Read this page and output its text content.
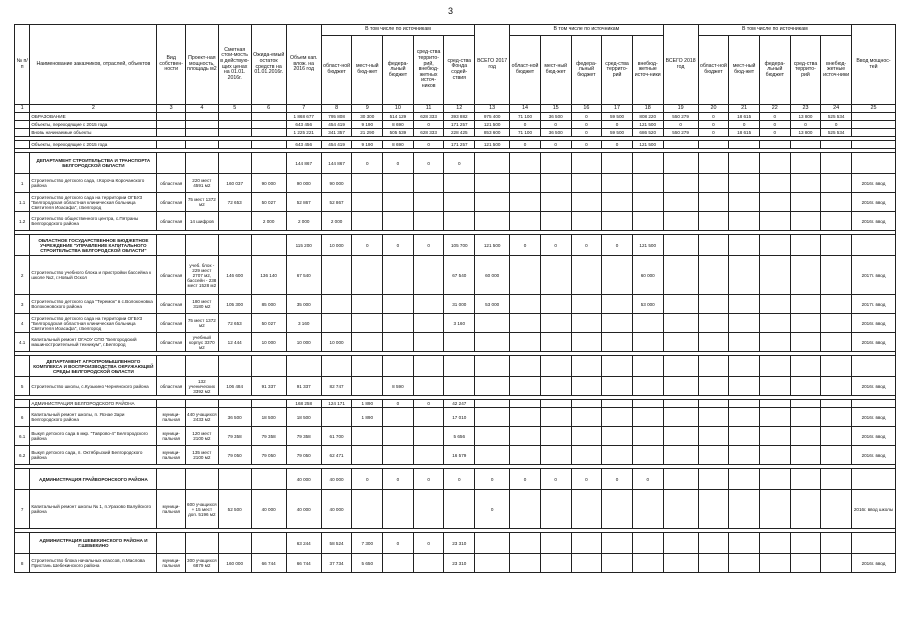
3
№ п/п	Наименование заказчиков, отраслей, объектов	Вид собствен-ности	Проект-ная мощность, площадь м2	Сметная стои-мость в действую-щих ценах на 01.01. 2016г.	Ожида-емый остаток средств на 01.01.2016г.	Объем кап. влож. на 2016 год	В том числе по источникам					ВСЕГО 2017 год	В том числе по источникам					ВСЕГО 2018 год	В том числе по источникам					Ввод мощнос-тей
							област-ной бюджет	мест-ный бюд-жет	федера-льный бюджет	сред-ства террито-рий, внебюд-жетных источ-ников	сред-ства Фонда содей-ствия		област-ной бюджет	мест-ный бюд-жет	федера-льный бюджет	сред-ства террито-рий	внебюд-жетные источ-ники		област-ной бюджет	мест-ный бюд-жет	федера-льный бюджет	сред-ства террито-рий	внебюд-жетные источ-ники	
1	2	3	4	5	6	7	8	9	10	11	12	13	14	15	16	17	18	19	20	21	22	23	24	25
	ОБРАЗОВАНИЕ					1 868 677	795 808	30 300	514 129	628 333	393 882	975 400	71 100	36 500	0	59 500	808 220	550 279	0	18 615	0	13 800	525 534	
	Объекты, переходящие с 2015 года					643 456	454 419	9 190	8 690	0	171 257	121 500	0	0	0	0	121 500	0	0	0	0	0	0	
	Вновь начинаемые объекты					1 225 221	341 357	21 290	505 539	628 333	228 425	853 600	71 100	36 500	0	59 500	686 520	550 279	0	18 615	0	13 800	525 534	

	Объекты, переходящие с 2015 года					643 456	454 419	9 190	8 690	0	171 257	121 500	0	0	0	0	121 500							

	ДЕПАРТАМЕНТ СТРОИТЕЛЬСТВА И ТРАНСПОРТА БЕЛГОРОДСКОЙ ОБЛАСТИ					144 867	144 867	0	0	0	0													
1	Строительство детского сада, г.Короча Корочанского района	областная	220 мест 4591 м2	160 037	90 000	90 000	90 000																	2016г. ввод
1.1	Строительство детского сада на территории ОГБУЗ "Белгородская областная клиническая больница Святителя Иоасафа", г.Белгород	областная	75 мест 1372 м2	72 653	50 027	52 867	52 867																	2016г. ввод
1.2	Строительство общественного центра, с.Пятраны Белгородского района	областная	14 шифров		2 000	2 000	2 000																	2016г. ввод

	ОБЛАСТНОЕ ГОСУДАРСТВЕННОЕ БЮДЖЕТНОЕ УЧРЕЖДЕНИЕ "УПРАВЛЕНИЕ КАПИТАЛЬНОГО СТРОИТЕЛЬСТВА БЕЛГОРОДСКОЙ ОБЛАСТИ"					115 200	10 000	0	0	0	105 700	121 500	0	0	0	0	121 500							
2	Строительство учебного блока и пристройки бассейна к школе №2, г.Новый Оскол	областная	учеб. блок - 229 мест 2707 м2, бассейн - 238 мест 1528 м2	146 600	136 140	67 540					67 540	60 000					60 000							2017г. ввод
3	Строительство детского сада "Теремок" в с.Волоконовка Волоконовского района	областная	180 мест 3180 м2	105 300	85 000	35 000					31 000	53 000					53 000							2017г. ввод
4	Строительство детского сада на территории ОГБУЗ "Белгородская областная клиническая больница Святителя Иоасафа", г.Белгород	областная	75 мест 1372 м2	72 653	50 027	3 160					3 160													2016г. ввод
4.1	Капитальный ремонт ОГАОУ СПО "Белгородский машиностроительный техникум", г.Белгород	областная	учебный корпус 3370 м2	12 444	10 000	10 000	10 000																	2016г. ввод

	ДЕПАРТАМЕНТ АГРОПРОМЫШЛЕННОГО КОМПЛЕКСА И ВОСПРОИЗВОДСТВА ОКРУЖАЮЩЕЙ СРЕДЫ БЕЛГОРОДСКОЙ ОБЛАСТИ																							
5	Строительство школы, с.Кузькино Чернянского района	областная	132 ученических 3392 м2	106 484	91 337	91 337	82 747		8 590															2016г. ввод

	АДМИНИСТРАЦИЯ БЕЛГОРОДСКОГО РАЙОНА					168 258	124 171	1 890	0	0	42 247													
6	Капитальный ремонт школы, п. Яснае Зари Белгородского района	муници-пальная	440 учащихся 2433 м2	36 500	18 500	18 500		1 890			17 010													2016г. ввод
6.1	Выкуп детского сада в мкр. "Таврово-4" Белгородского района	муници-пальная	120 мест 2100 м2	79 358	79 358	79 358	61 700				5 656													2016г. ввод
6.2	Выкуп детского сада, п. Октябрьский Белгородского района	муници-пальная	135 мест 2100 м2	79 050	79 050	79 050	62 471				16 579													2016г. ввод

	АДМИНИСТРАЦИЯ ГРАЙВОРОНСКОГО РАЙОНА					40 000	40 000	0	0	0	0	0	0	0	0	0	0							
7	Капитальный ремонт школы № 1, п.Уразово Валуйского района	муници-пальная	600 учащихся + 15 мест доп. 5196 м2	52 500	40 000	40 000	40 000					0												2016г. ввод школы

	АДМИНИСТРАЦИЯ ШЕБЕКИНСКОГО РАЙОНА И Г.ШЕБЕКИНО					63 244	58 524	7 300	0	0	23 310													
8	Строительство блока начальных классов, п.Маслова Пристань Шебекинского района	муници-пальная	300 учащихся 6879 м2	160 000	66 744	66 744	37 734	5 650			23 310													2016г. ввод
